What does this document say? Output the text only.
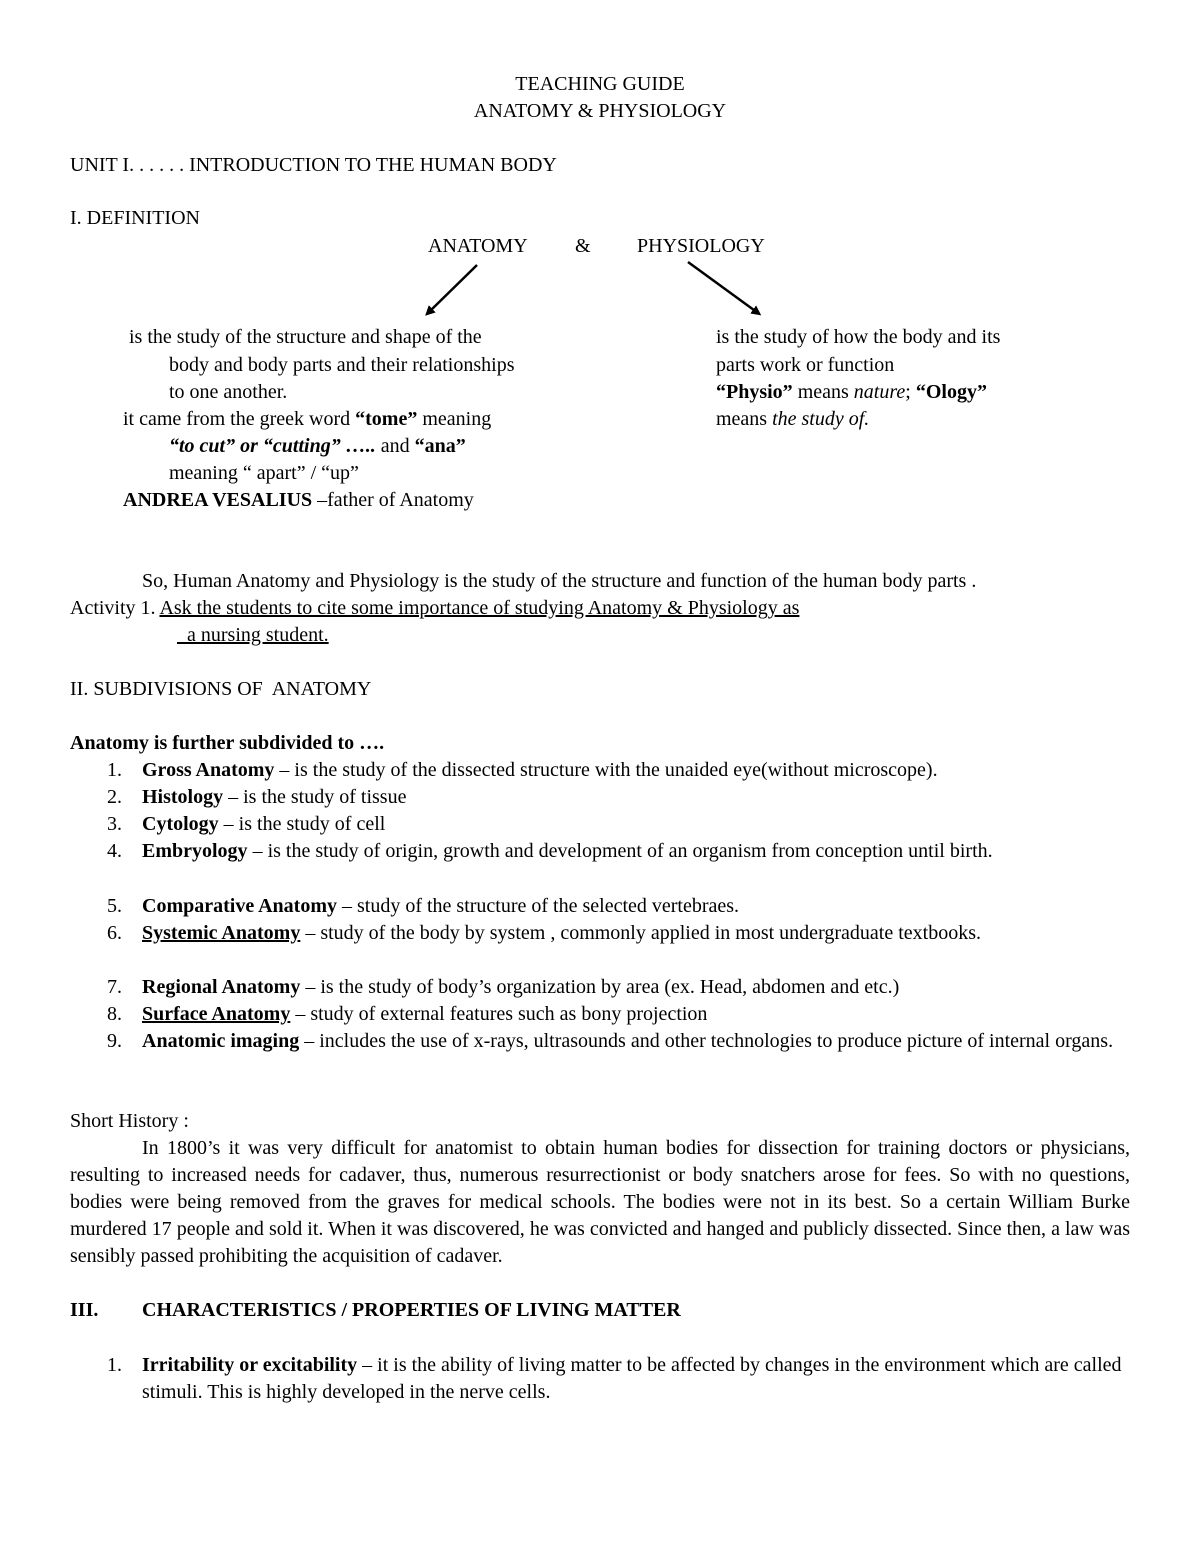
TEACHING GUIDE
ANATOMY & PHYSIOLOGY
UNIT I. . . . . . INTRODUCTION TO THE HUMAN BODY
I. DEFINITION
ANATOMY & PHYSIOLOGY
is the study of the structure and shape of the
body and body parts and their relationships
to one another.
it came from the greek word “tome” meaning
“to cut” or “cutting” ….. and “ana”
meaning “ apart” / “up”
ANDREA VESALIUS –father of Anatomy
is the study of how the body and its
parts work or function
“Physio” means nature; “Ology”
means the study of.
So, Human Anatomy and Physiology is the study of the structure and function of the human body parts .
Activity 1. Ask the students to cite some importance of studying Anatomy & Physiology as
a nursing student.
II. SUBDIVISIONS OF  ANATOMY
Anatomy is further subdivided to ….
1. Gross Anatomy – is the study of the dissected structure with the unaided eye(without microscope).
2. Histology – is the study of tissue
3. Cytology – is the study of cell
4. Embryology – is the study of origin, growth and development of an organism from conception until birth.
5. Comparative Anatomy – study of the structure of the selected vertebraes.
6. Systemic Anatomy – study of the body by system , commonly applied in most undergraduate textbooks.
7. Regional Anatomy – is the study of body’s organization by area (ex. Head, abdomen and etc.)
8. Surface Anatomy – study of external features such as bony projection
9. Anatomic imaging – includes the use of x-rays, ultrasounds and other technologies to produce picture of internal organs.
Short History :
In 1800’s it was very difficult for anatomist to obtain human bodies for dissection for training doctors or physicians, resulting to increased needs for cadaver, thus, numerous resurrectionist or body snatchers arose for fees. So with no questions, bodies were being removed from the graves for medical schools. The bodies were not in its best. So a certain William Burke murdered 17 people and sold it. When it was discovered, he was convicted and hanged and publicly dissected. Since then, a law was sensibly passed prohibiting the acquisition of cadaver.
III. CHARACTERISTICS / PROPERTIES OF LIVING MATTER
1. Irritability or excitability – it is the ability of living matter to be affected by changes in the environment which are called stimuli. This is highly developed in the nerve cells.
